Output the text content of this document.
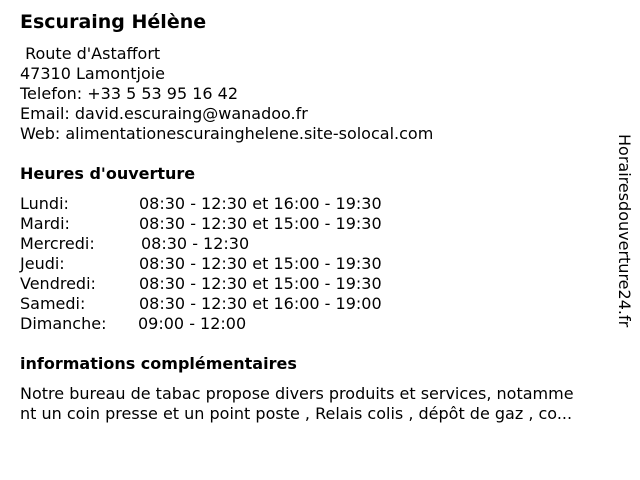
Escuraing Hélène
Route d'Astaffort
47310 Lamontjoie
Telefon: +33 5 53 95 16 42
Email: david.escuraing@wanadoo.fr
Web: alimentationescurainghelene.site-solocal.com
Heures d'ouverture
Lundi:	08:30 - 12:30 et 16:00 - 19:30
Mardi:	08:30 - 12:30 et 15:00 - 19:30
Mercredi:	08:30 - 12:30
Jeudi:	08:30 - 12:30 et 15:00 - 19:30
Vendredi:	08:30 - 12:30 et 15:00 - 19:30
Samedi:	08:30 - 12:30 et 16:00 - 19:00
Dimanche: 09:00 - 12:00
informations complémentaires
Notre bureau de tabac propose divers produits et services, notamme
nt un coin presse et un point poste , Relais colis , dépôt de gaz , co...
Horairesdouverture24.fr
